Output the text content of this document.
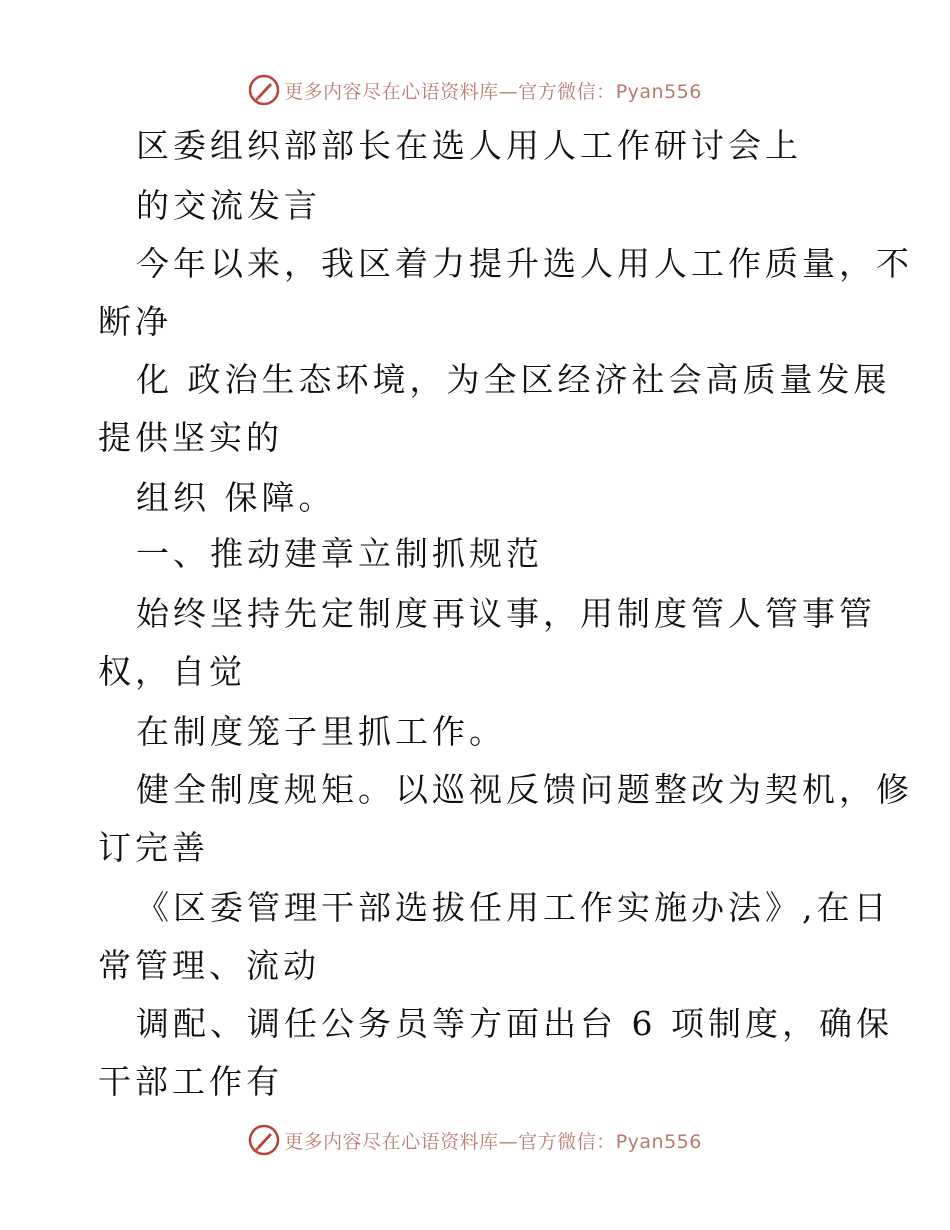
更多内容尽在心语资料库—官方微信：Pyan556
区委组织部部长在选人用人工作研讨会上
的交流发言
今年以来，我区着力提升选人用人工作质量，不
断净
化 政治生态环境，为全区经济社会高质量发展
提供坚实的
组织 保障。
一、推动建章立制抓规范
始终坚持先定制度再议事，用制度管人管事管
权，自觉
在制度笼子里抓工作。
健全制度规矩。以巡视反馈问题整改为契机，修
订完善
《区委管理干部选拔任用工作实施办法》,在日
常管理、流动
调配、调任公务员等方面出台 6 项制度，确保
干部工作有
更多内容尽在心语资料库—官方微信：Pyan556
